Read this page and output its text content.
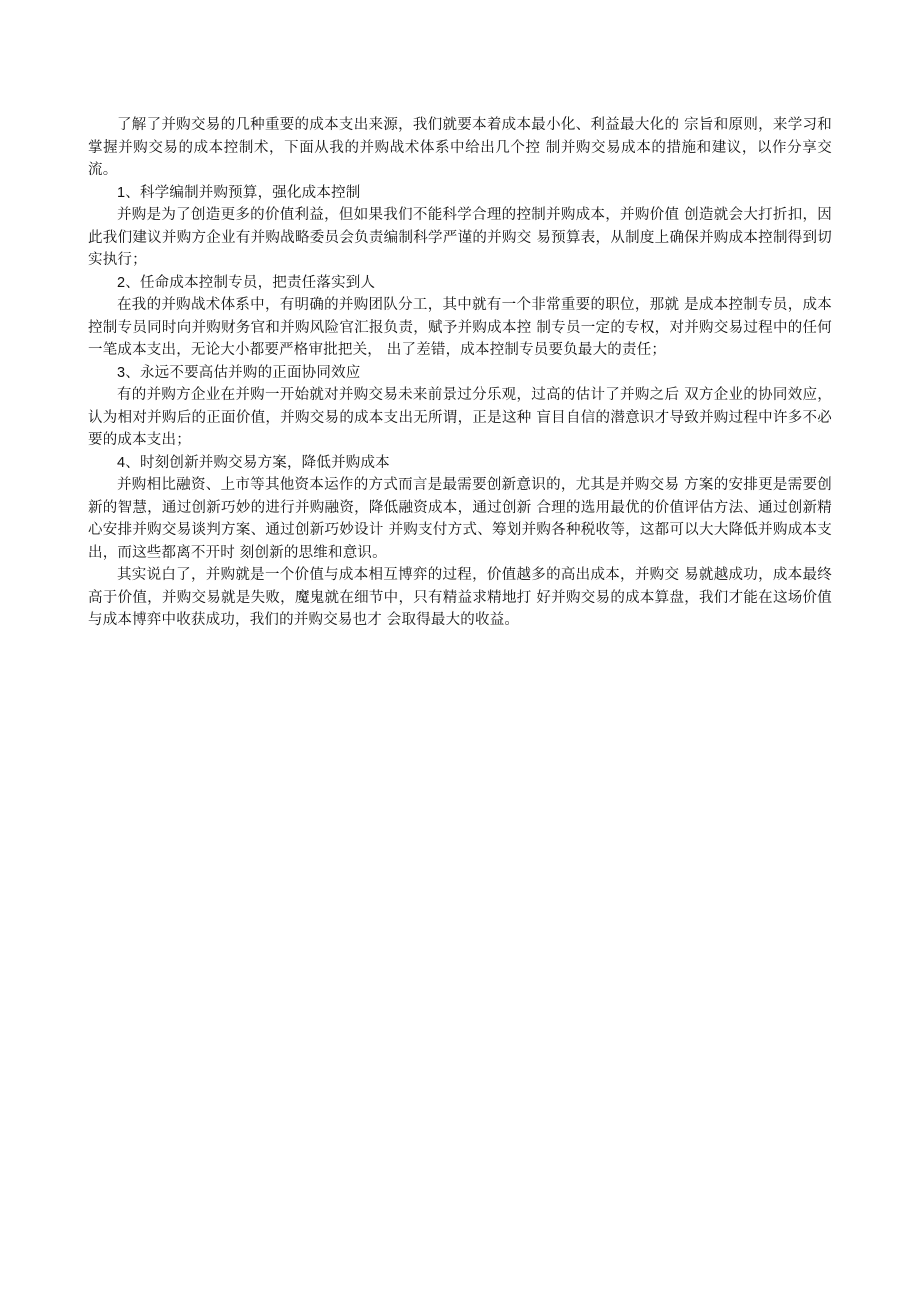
了解了并购交易的几种重要的成本支出来源，我们就要本着成本最小化、利益最大化的 宗旨和原则，来学习和掌握并购交易的成本控制术，下面从我的并购战术体系中给出几个控 制并购交易成本的措施和建议，以作分享交流。

1、科学编制并购预算，强化成本控制

并购是为了创造更多的价值利益，但如果我们不能科学合理的控制并购成本，并购价值 创造就会大打折扣，因此我们建议并购方企业有并购战略委员会负责编制科学严谨的并购交 易预算表，从制度上确保并购成本控制得到切实执行；

2、任命成本控制专员，把责任落实到人

在我的并购战术体系中，有明确的并购团队分工，其中就有一个非常重要的职位，那就 是成本控制专员，成本控制专员同时向并购财务官和并购风险官汇报负责，赋予并购成本控 制专员一定的专权，对并购交易过程中的任何一笔成本支出，无论大小都要严格审批把关， 出了差错，成本控制专员要负最大的责任；

3、永远不要高估并购的正面协同效应

有的并购方企业在并购一开始就对并购交易未来前景过分乐观，过高的估计了并购之后 双方企业的协同效应，认为相对并购后的正面价值，并购交易的成本支出无所谓，正是这种 盲目自信的潜意识才导致并购过程中许多不必要的成本支出；

4、时刻创新并购交易方案，降低并购成本

并购相比融资、上市等其他资本运作的方式而言是最需要创新意识的，尤其是并购交易 方案的安排更是需要创新的智慧，通过创新巧妙的进行并购融资，降低融资成本，通过创新 合理的选用最优的价值评估方法、通过创新精心安排并购交易谈判方案、通过创新巧妙设计 并购支付方式、筹划并购各种税收等，这都可以大大降低并购成本支出，而这些都离不开时 刻创新的思维和意识。

其实说白了，并购就是一个价值与成本相互博弈的过程，价值越多的高出成本，并购交 易就越成功，成本最终高于价值，并购交易就是失败，魔鬼就在细节中，只有精益求精地打 好并购交易的成本算盘，我们才能在这场价值与成本博弈中收获成功，我们的并购交易也才 会取得最大的收益。
